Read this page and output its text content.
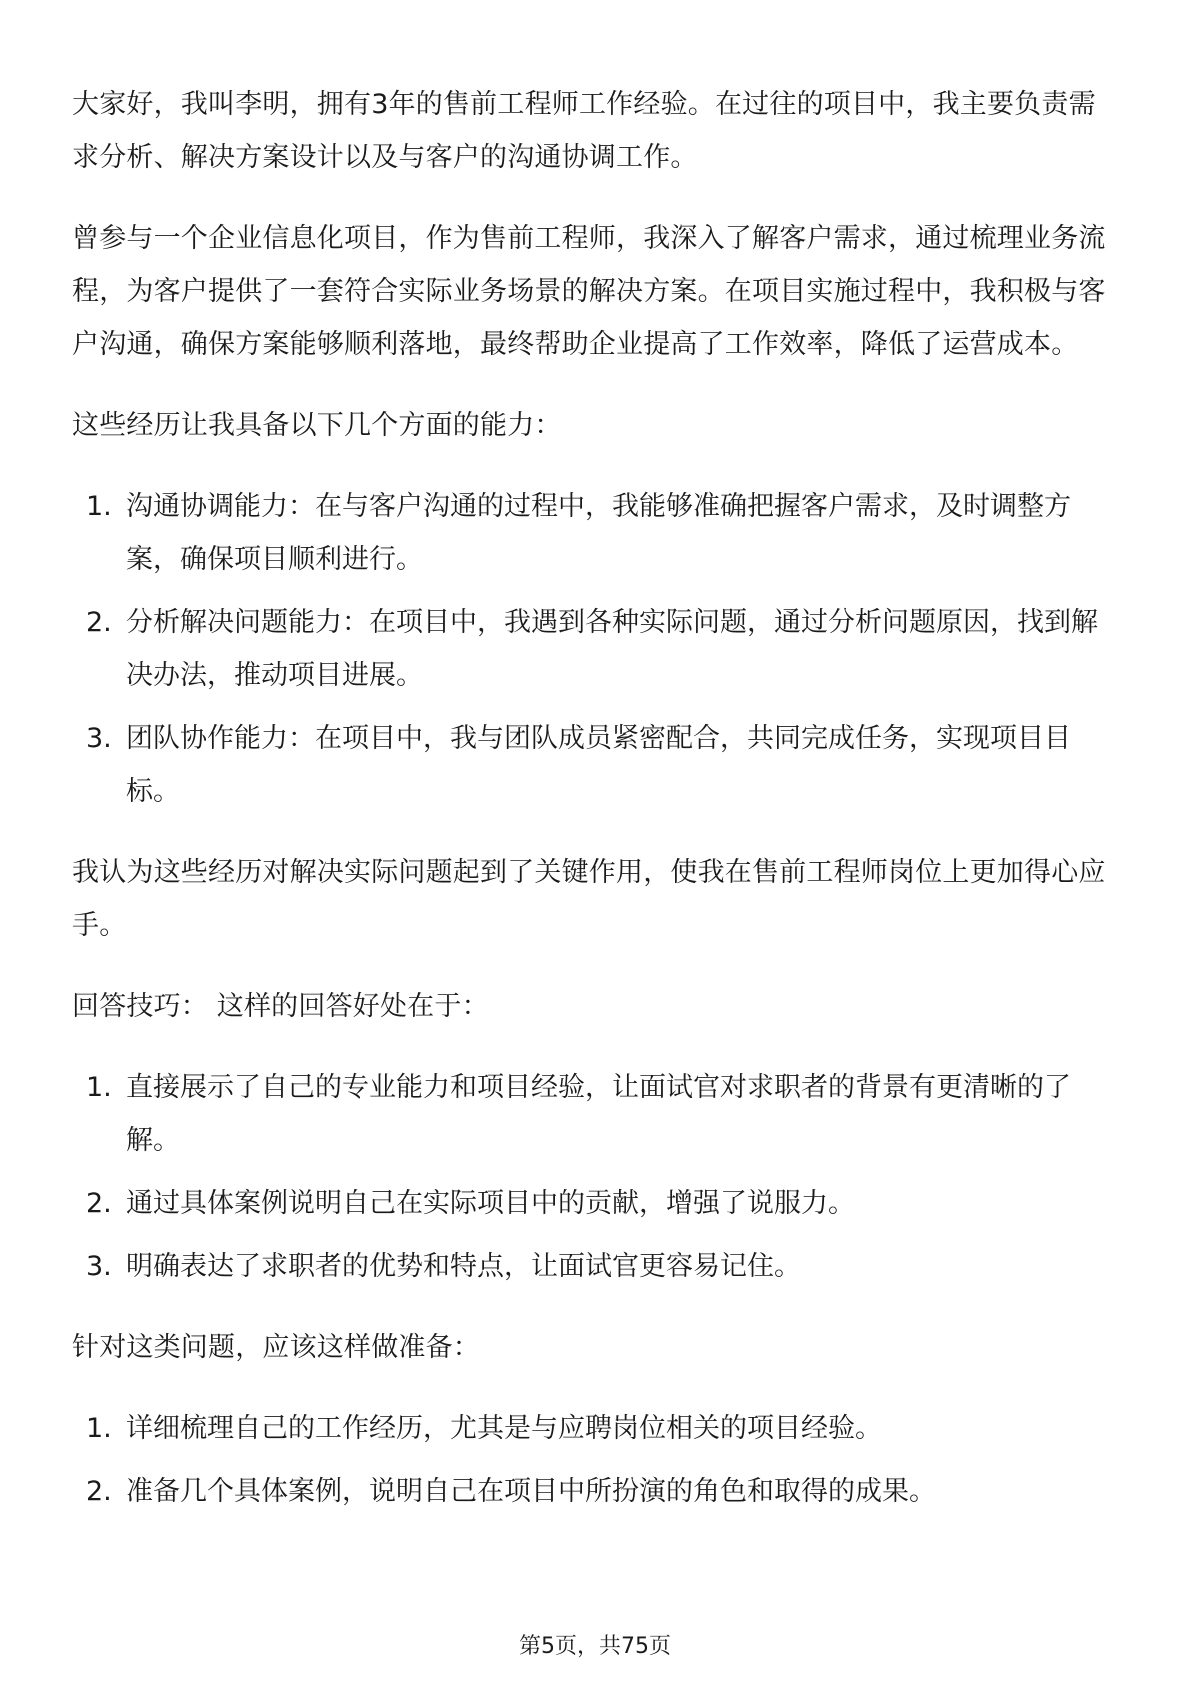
大家好，我叫李明，拥有3年的售前工程师工作经验。在过往的项目中，我主要负责需求分析、解决方案设计以及与客户的沟通协调工作。

曾参与一个企业信息化项目，作为售前工程师，我深入了解客户需求，通过梳理业务流程，为客户提供了一套符合实际业务场景的解决方案。在项目实施过程中，我积极与客户沟通，确保方案能够顺利落地，最终帮助企业提高了工作效率，降低了运营成本。

这些经历让我具备以下几个方面的能力：

1. 沟通协调能力：在与客户沟通的过程中，我能够准确把握客户需求，及时调整方案，确保项目顺利进行。
2. 分析解决问题能力：在项目中，我遇到各种实际问题，通过分析问题原因，找到解决办法，推动项目进展。
3. 团队协作能力：在项目中，我与团队成员紧密配合，共同完成任务，实现项目目标。

我认为这些经历对解决实际问题起到了关键作用，使我在售前工程师岗位上更加得心应手。

回答技巧： 这样的回答好处在于：

1. 直接展示了自己的专业能力和项目经验，让面试官对求职者的背景有更清晰的了解。
2. 通过具体案例说明自己在实际项目中的贡献，增强了说服力。
3. 明确表达了求职者的优势和特点，让面试官更容易记住。

针对这类问题，应该这样做准备：

1. 详细梳理自己的工作经历，尤其是与应聘岗位相关的项目经验。
2. 准备几个具体案例，说明自己在项目中所扮演的角色和取得的成果。
第5页，共75页
